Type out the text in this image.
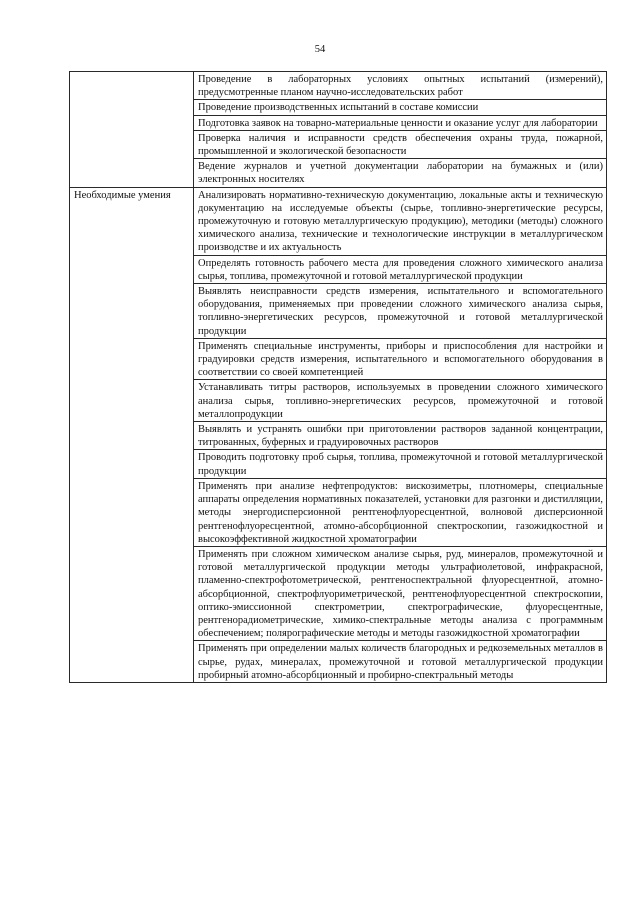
54
	Проведение в лабораторных условиях опытных испытаний (измерений), предусмотренные планом научно-исследовательских работ
	Проведение производственных испытаний в составе комиссии
	Подготовка заявок на товарно-материальные ценности и оказание услуг для лаборатории
	Проверка наличия и исправности средств обеспечения охраны труда, пожарной, промышленной и экологической безопасности
	Ведение журналов и учетной документации лаборатории на бумажных и (или) электронных носителях
Необходимые умения	Анализировать нормативно-техническую документацию, локальные акты и техническую документацию на исследуемые объекты (сырье, топливно-энергетические ресурсы, промежуточную и готовую металлургическую продукцию), методики (методы) сложного химического анализа, технические и технологические инструкции в металлургическом производстве и их актуальность
	Определять готовность рабочего места для проведения сложного химического анализа сырья, топлива, промежуточной и готовой металлургической продукции
	Выявлять неисправности средств измерения, испытательного и вспомогательного оборудования, применяемых при проведении сложного химического анализа сырья, топливно-энергетических ресурсов, промежуточной и готовой металлургической продукции
	Применять специальные инструменты, приборы и приспособления для настройки и градуировки средств измерения, испытательного и вспомогательного оборудования в соответствии со своей компетенцией
	Устанавливать титры растворов, используемых в проведении сложного химического анализа сырья, топливно-энергетических ресурсов, промежуточной и готовой металлопродукции
	Выявлять и устранять ошибки при приготовлении растворов заданной концентрации, титрованных, буферных и градуировочных растворов
	Проводить подготовку проб сырья, топлива, промежуточной и готовой металлургической продукции
	Применять при анализе нефтепродуктов: вискозиметры, плотномеры, специальные аппараты определения нормативных показателей, установки для разгонки и дистилляции, методы энергодисперсионной рентгенофлуоресцентной, волновой дисперсионной рентгенофлуоресцентной, атомно-абсорбционной спектроскопии, газожидкостной и высокоэффективной жидкостной хроматографии
	Применять при сложном химическом анализе сырья, руд, минералов, промежуточной и готовой металлургической продукции методы ультрафиолетовой, инфракрасной, пламенно-спектрофотометрической, рентгеноспектральной флуоресцентной, атомно-абсорбционной, спектрофлуориметрической, рентгенофлуоресцентной спектроскопии, оптико-эмиссионной спектрометрии, спектрографические, флуоресцентные, рентгенорадиометрические, химико-спектральные методы анализа с программным обеспечением; полярографические методы и методы газожидкостной хроматографии
	Применять при определении малых количеств благородных и редкоземельных металлов в сырье, рудах, минералах, промежуточной и готовой металлургической продукции пробирный атомно-абсорбционный и пробирно-спектральный методы
